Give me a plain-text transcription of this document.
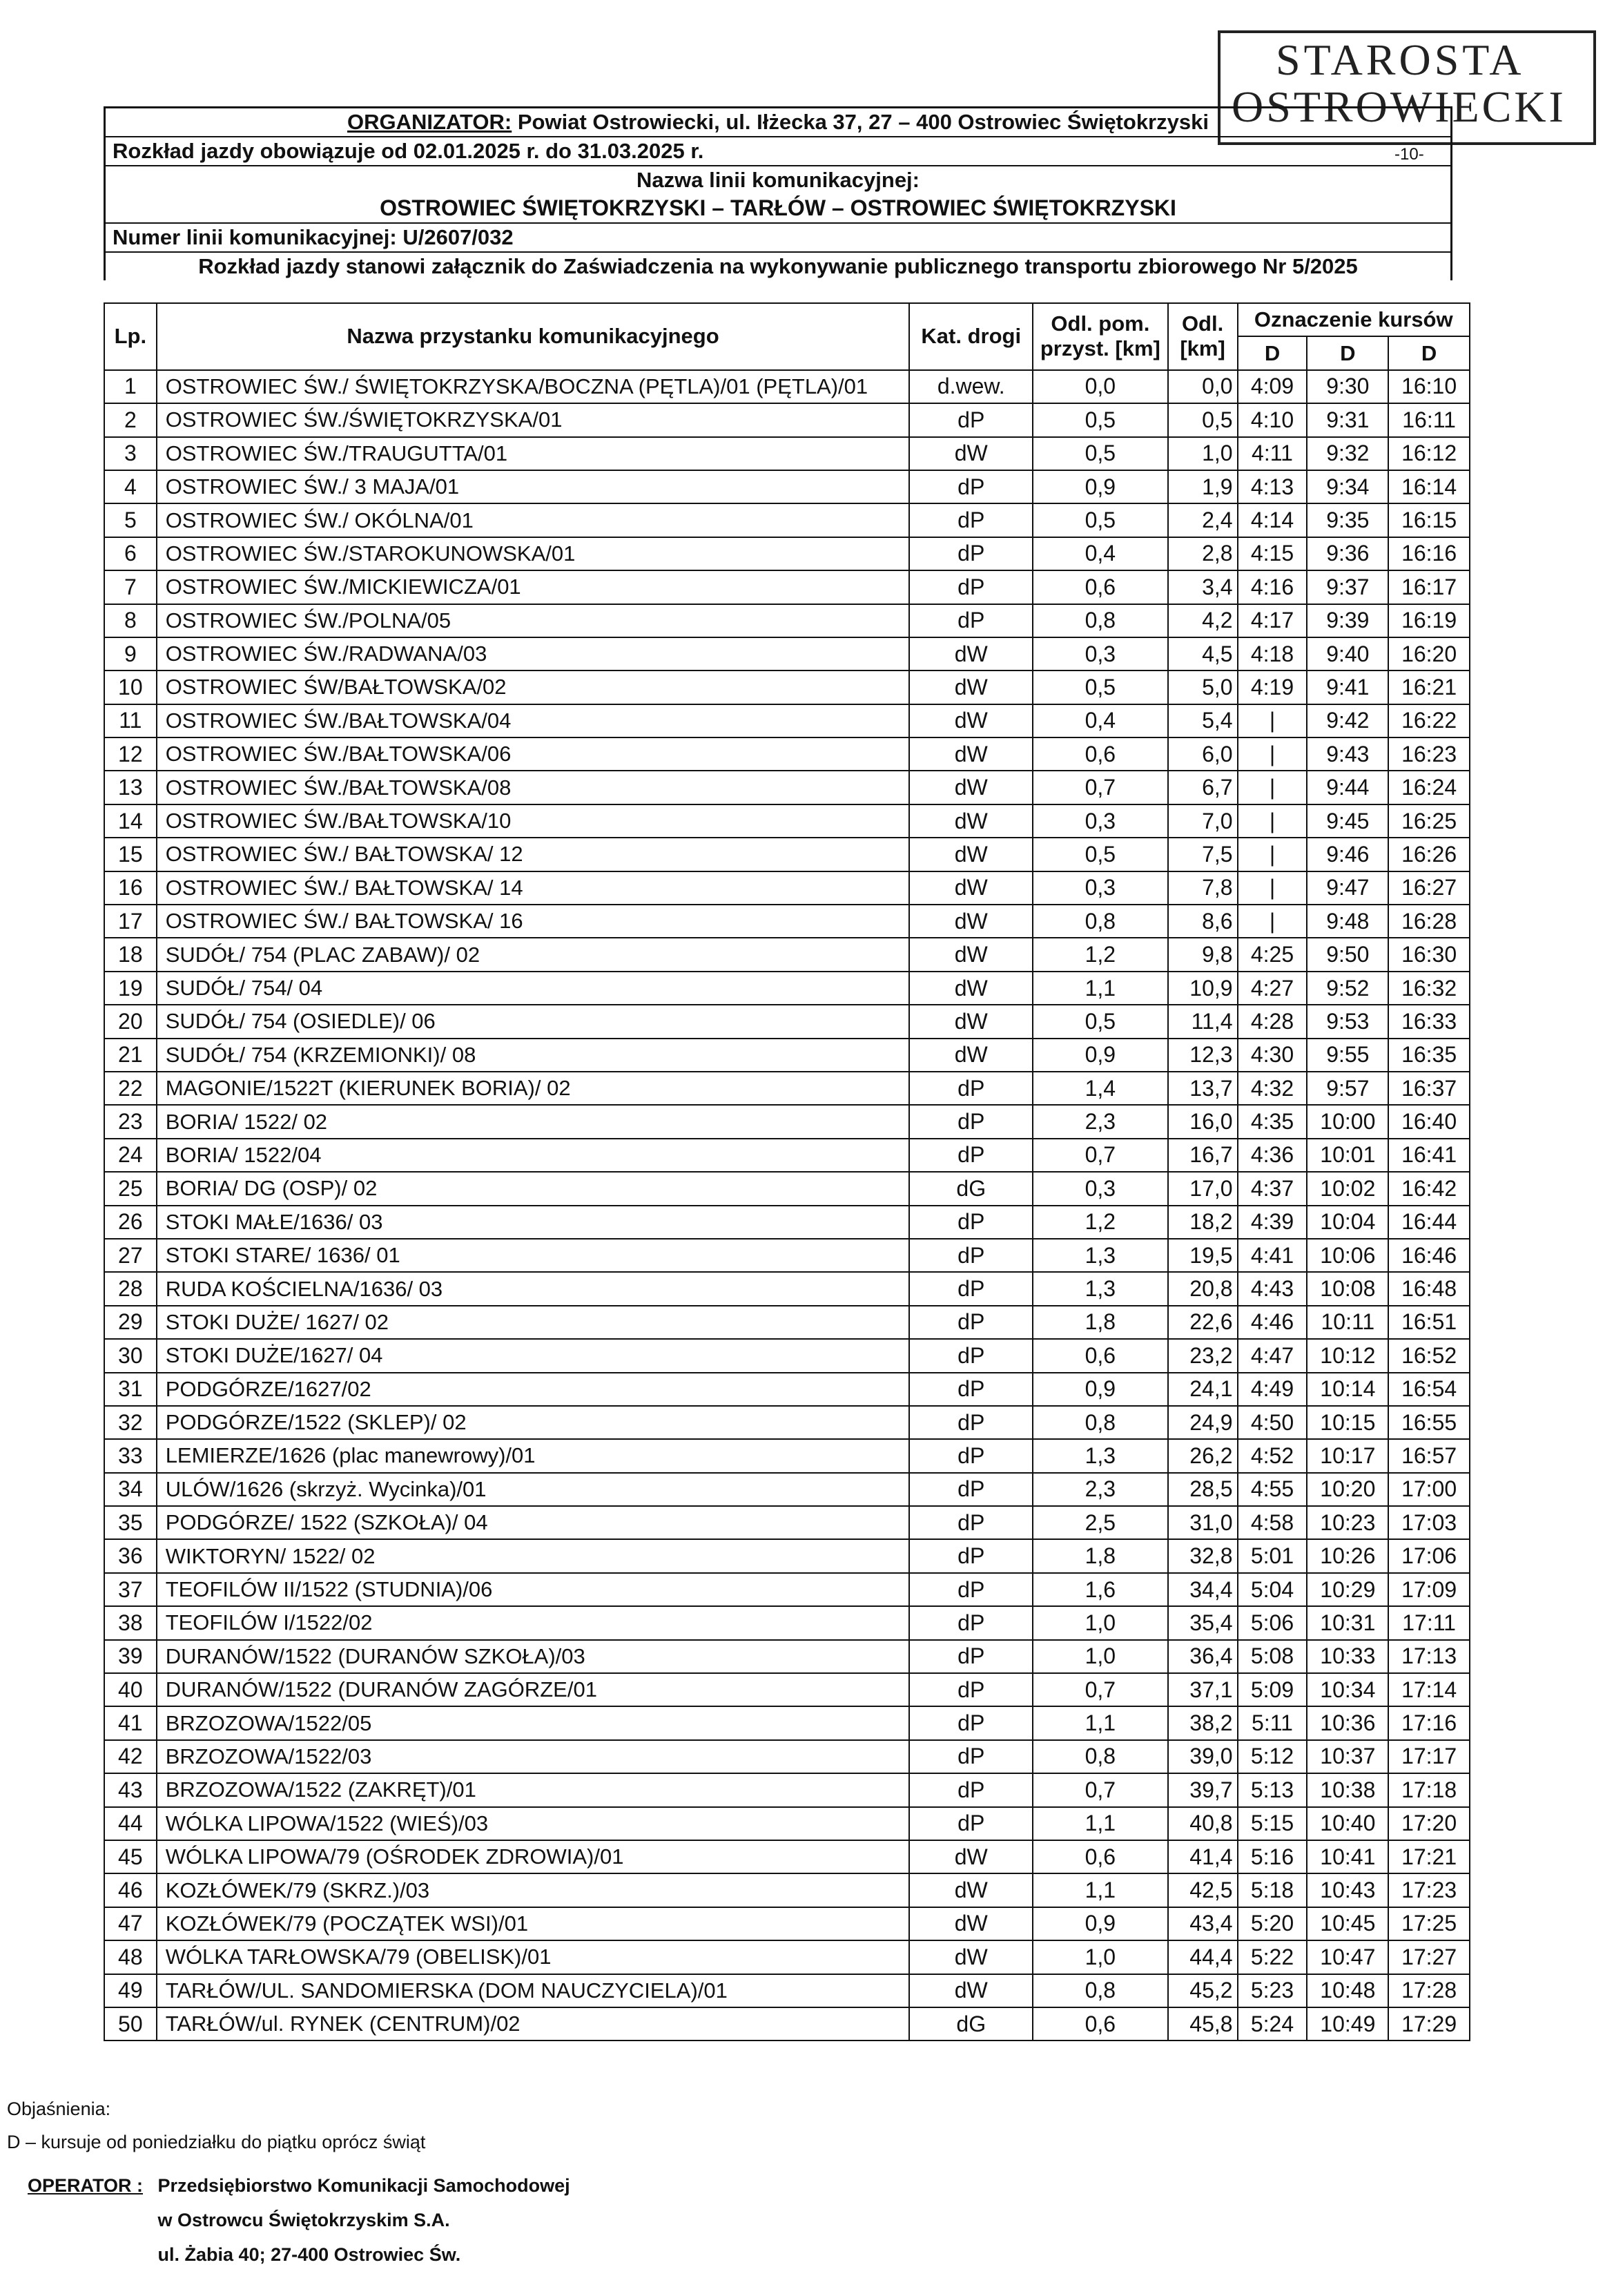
STAROSTA
OSTROWIECKI
-10-
ORGANIZATOR: Powiat Ostrowiecki, ul. Iłżecka 37, 27 – 400 Ostrowiec Świętokrzyski
Rozkład jazdy obowiązuje od 02.01.2025 r. do 31.03.2025 r.
Nazwa linii komunikacyjnej:
OSTROWIEC ŚWIĘTOKRZYSKI – TARŁÓW – OSTROWIEC ŚWIĘTOKRZYSKI
Numer linii komunikacyjnej: U/2607/032
Rozkład jazdy stanowi załącznik do Zaświadczenia na wykonywanie publicznego transportu zbiorowego Nr 5/2025
Lp.	Nazwa przystanku komunikacyjnego	Kat. drogi	Odl. pom. przyst. [km]	Odl. [km]	Oznaczenie kursów		
					D	D	D
1	OSTROWIEC ŚW./ ŚWIĘTOKRZYSKA/BOCZNA (PĘTLA)/01 (PĘTLA)/01	d.wew.	0,0	0,0	4:09	9:30	16:10
2	OSTROWIEC ŚW./ŚWIĘTOKRZYSKA/01	dP	0,5	0,5	4:10	9:31	16:11
3	OSTROWIEC ŚW./TRAUGUTTA/01	dW	0,5	1,0	4:11	9:32	16:12
4	OSTROWIEC ŚW./ 3 MAJA/01	dP	0,9	1,9	4:13	9:34	16:14
5	OSTROWIEC ŚW./ OKÓLNA/01	dP	0,5	2,4	4:14	9:35	16:15
6	OSTROWIEC ŚW./STAROKUNOWSKA/01	dP	0,4	2,8	4:15	9:36	16:16
7	OSTROWIEC ŚW./MICKIEWICZA/01	dP	0,6	3,4	4:16	9:37	16:17
8	OSTROWIEC ŚW./POLNA/05	dP	0,8	4,2	4:17	9:39	16:19
9	OSTROWIEC ŚW./RADWANA/03	dW	0,3	4,5	4:18	9:40	16:20
10	OSTROWIEC ŚW/BAŁTOWSKA/02	dW	0,5	5,0	4:19	9:41	16:21
11	OSTROWIEC ŚW./BAŁTOWSKA/04	dW	0,4	5,4	|	9:42	16:22
12	OSTROWIEC ŚW./BAŁTOWSKA/06	dW	0,6	6,0	|	9:43	16:23
13	OSTROWIEC ŚW./BAŁTOWSKA/08	dW	0,7	6,7	|	9:44	16:24
14	OSTROWIEC ŚW./BAŁTOWSKA/10	dW	0,3	7,0	|	9:45	16:25
15	OSTROWIEC ŚW./ BAŁTOWSKA/ 12	dW	0,5	7,5	|	9:46	16:26
16	OSTROWIEC ŚW./ BAŁTOWSKA/ 14	dW	0,3	7,8	|	9:47	16:27
17	OSTROWIEC ŚW./ BAŁTOWSKA/ 16	dW	0,8	8,6	|	9:48	16:28
18	SUDÓŁ/ 754 (PLAC ZABAW)/ 02	dW	1,2	9,8	4:25	9:50	16:30
19	SUDÓŁ/ 754/ 04	dW	1,1	10,9	4:27	9:52	16:32
20	SUDÓŁ/ 754 (OSIEDLE)/ 06	dW	0,5	11,4	4:28	9:53	16:33
21	SUDÓŁ/ 754 (KRZEMIONKI)/ 08	dW	0,9	12,3	4:30	9:55	16:35
22	MAGONIE/1522T (KIERUNEK BORIA)/ 02	dP	1,4	13,7	4:32	9:57	16:37
23	BORIA/ 1522/ 02	dP	2,3	16,0	4:35	10:00	16:40
24	BORIA/ 1522/04	dP	0,7	16,7	4:36	10:01	16:41
25	BORIA/ DG (OSP)/ 02	dG	0,3	17,0	4:37	10:02	16:42
26	STOKI MAŁE/1636/ 03	dP	1,2	18,2	4:39	10:04	16:44
27	STOKI STARE/ 1636/ 01	dP	1,3	19,5	4:41	10:06	16:46
28	RUDA KOŚCIELNA/1636/ 03	dP	1,3	20,8	4:43	10:08	16:48
29	STOKI DUŻE/ 1627/ 02	dP	1,8	22,6	4:46	10:11	16:51
30	STOKI DUŻE/1627/ 04	dP	0,6	23,2	4:47	10:12	16:52
31	PODGÓRZE/1627/02	dP	0,9	24,1	4:49	10:14	16:54
32	PODGÓRZE/1522 (SKLEP)/ 02	dP	0,8	24,9	4:50	10:15	16:55
33	LEMIERZE/1626 (plac manewrowy)/01	dP	1,3	26,2	4:52	10:17	16:57
34	ULÓW/1626 (skrzyż. Wycinka)/01	dP	2,3	28,5	4:55	10:20	17:00
35	PODGÓRZE/ 1522 (SZKOŁA)/ 04	dP	2,5	31,0	4:58	10:23	17:03
36	WIKTORYN/ 1522/ 02	dP	1,8	32,8	5:01	10:26	17:06
37	TEOFILÓW II/1522 (STUDNIA)/06	dP	1,6	34,4	5:04	10:29	17:09
38	TEOFILÓW I/1522/02	dP	1,0	35,4	5:06	10:31	17:11
39	DURANÓW/1522 (DURANÓW SZKOŁA)/03	dP	1,0	36,4	5:08	10:33	17:13
40	DURANÓW/1522 (DURANÓW ZAGÓRZE/01	dP	0,7	37,1	5:09	10:34	17:14
41	BRZOZOWA/1522/05	dP	1,1	38,2	5:11	10:36	17:16
42	BRZOZOWA/1522/03	dP	0,8	39,0	5:12	10:37	17:17
43	BRZOZOWA/1522 (ZAKRĘT)/01	dP	0,7	39,7	5:13	10:38	17:18
44	WÓLKA LIPOWA/1522 (WIEŚ)/03	dP	1,1	40,8	5:15	10:40	17:20
45	WÓLKA LIPOWA/79 (OŚRODEK ZDROWIA)/01	dW	0,6	41,4	5:16	10:41	17:21
46	KOZŁÓWEK/79 (SKRZ.)/03	dW	1,1	42,5	5:18	10:43	17:23
47	KOZŁÓWEK/79 (POCZĄTEK WSI)/01	dW	0,9	43,4	5:20	10:45	17:25
48	WÓLKA TARŁOWSKA/79 (OBELISK)/01	dW	1,0	44,4	5:22	10:47	17:27
49	TARŁÓW/UL. SANDOMIERSKA (DOM NAUCZYCIELA)/01	dW	0,8	45,2	5:23	10:48	17:28
50	TARŁÓW/ul. RYNEK (CENTRUM)/02	dG	0,6	45,8	5:24	10:49	17:29
Objaśnienia:
D – kursuje od poniedziałku do piątku oprócz świąt
OPERATOR : Przedsiębiorstwo Komunikacji Samochodowej
w Ostrowcu Świętokrzyskim S.A.
ul. Żabia 40; 27-400 Ostrowiec Św.
